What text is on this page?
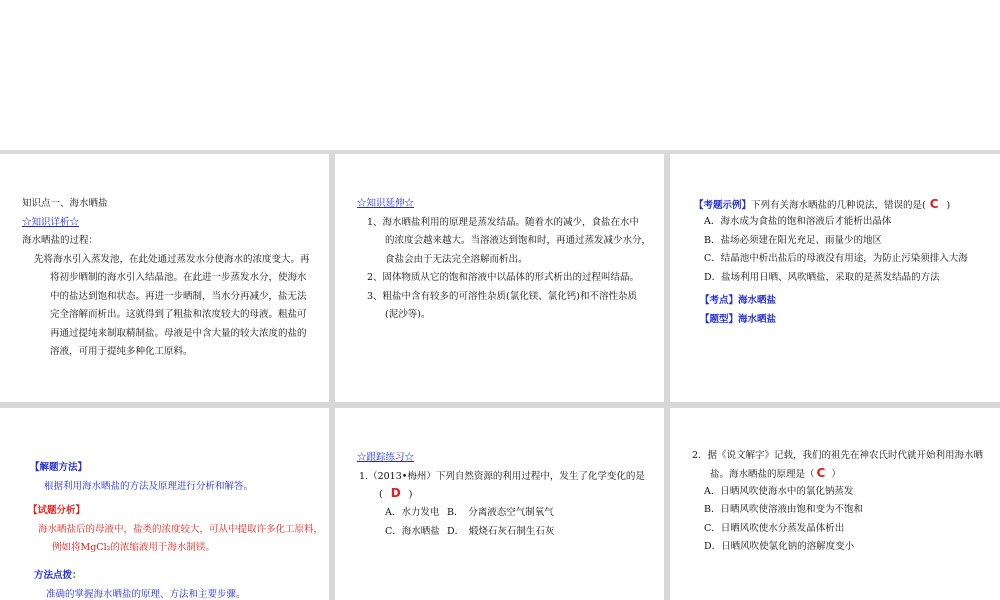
知识点一、海水晒盐
☆知识详析☆
海水晒盐的过程：
先将海水引入蒸发池，在此处通过蒸发水分使海水的浓度变大。再
将初步晒制的海水引入结晶池。在此进一步蒸发水分，使海水
中的盐达到饱和状态。再进一步晒制，当水分再减少，盐无法
完全溶解而析出。这就得到了粗盐和浓度较大的母液。粗盐可
再通过提纯来制取精制盐。母液是中含大量的较大浓度的盐的
溶液，可用于提纯多种化工原料。
☆知识延伸☆
1、海水晒盐利用的原理是蒸发结晶。随着水的减少，食盐在水中
的浓度会越来越大。当溶液达到饱和时，再通过蒸发减少水分，
食盐会由于无法完全溶解而析出。
2、固体物质从它的饱和溶液中以晶体的形式析出的过程叫结晶。
3、粗盐中含有较多的可溶性杂质(氯化镁、氯化钙)和不溶性杂质
(泥沙等)。
【考题示例】下列有关海水晒盐的几种说法，错误的是( C )
A．海水成为食盐的饱和溶液后才能析出晶体
B．盐场必须建在阳光充足、雨量少的地区
C．结晶池中析出盐后的母液没有用途，为防止污染须排入大海
D．盐场利用日晒、风吹晒盐，采取的是蒸发结晶的方法
【考点】海水晒盐
【题型】海水晒盐
【解题方法】
根据利用海水晒盐的方法及原理进行分析和解答。
【试题分析】
海水晒盐后的母液中，盐类的浓度较大，可从中提取许多化工原料，
例如将MgCl₂的浓缩液用于海水制镁。
方法点拨：
准确的掌握海水晒盐的原理、方法和主要步骤。
☆跟踪练习☆
1.（2013•梅州）下列自然资源的利用过程中，发生了化学变化的是
( D )
A．水力发电 B．　分离液态空气制氧气
C．海水晒盐 D．　煅烧石灰石制生石灰
2．据《说文解字》记载，我们的祖先在神农氏时代就开始利用海水晒
盐。海水晒盐的原理是（ C ）
A．日晒风吹使海水中的氯化钠蒸发
B．日晒风吹使溶液由饱和变为不饱和
C．日晒风吹使水分蒸发晶体析出
D．日晒风吹使氯化钠的溶解度变小
